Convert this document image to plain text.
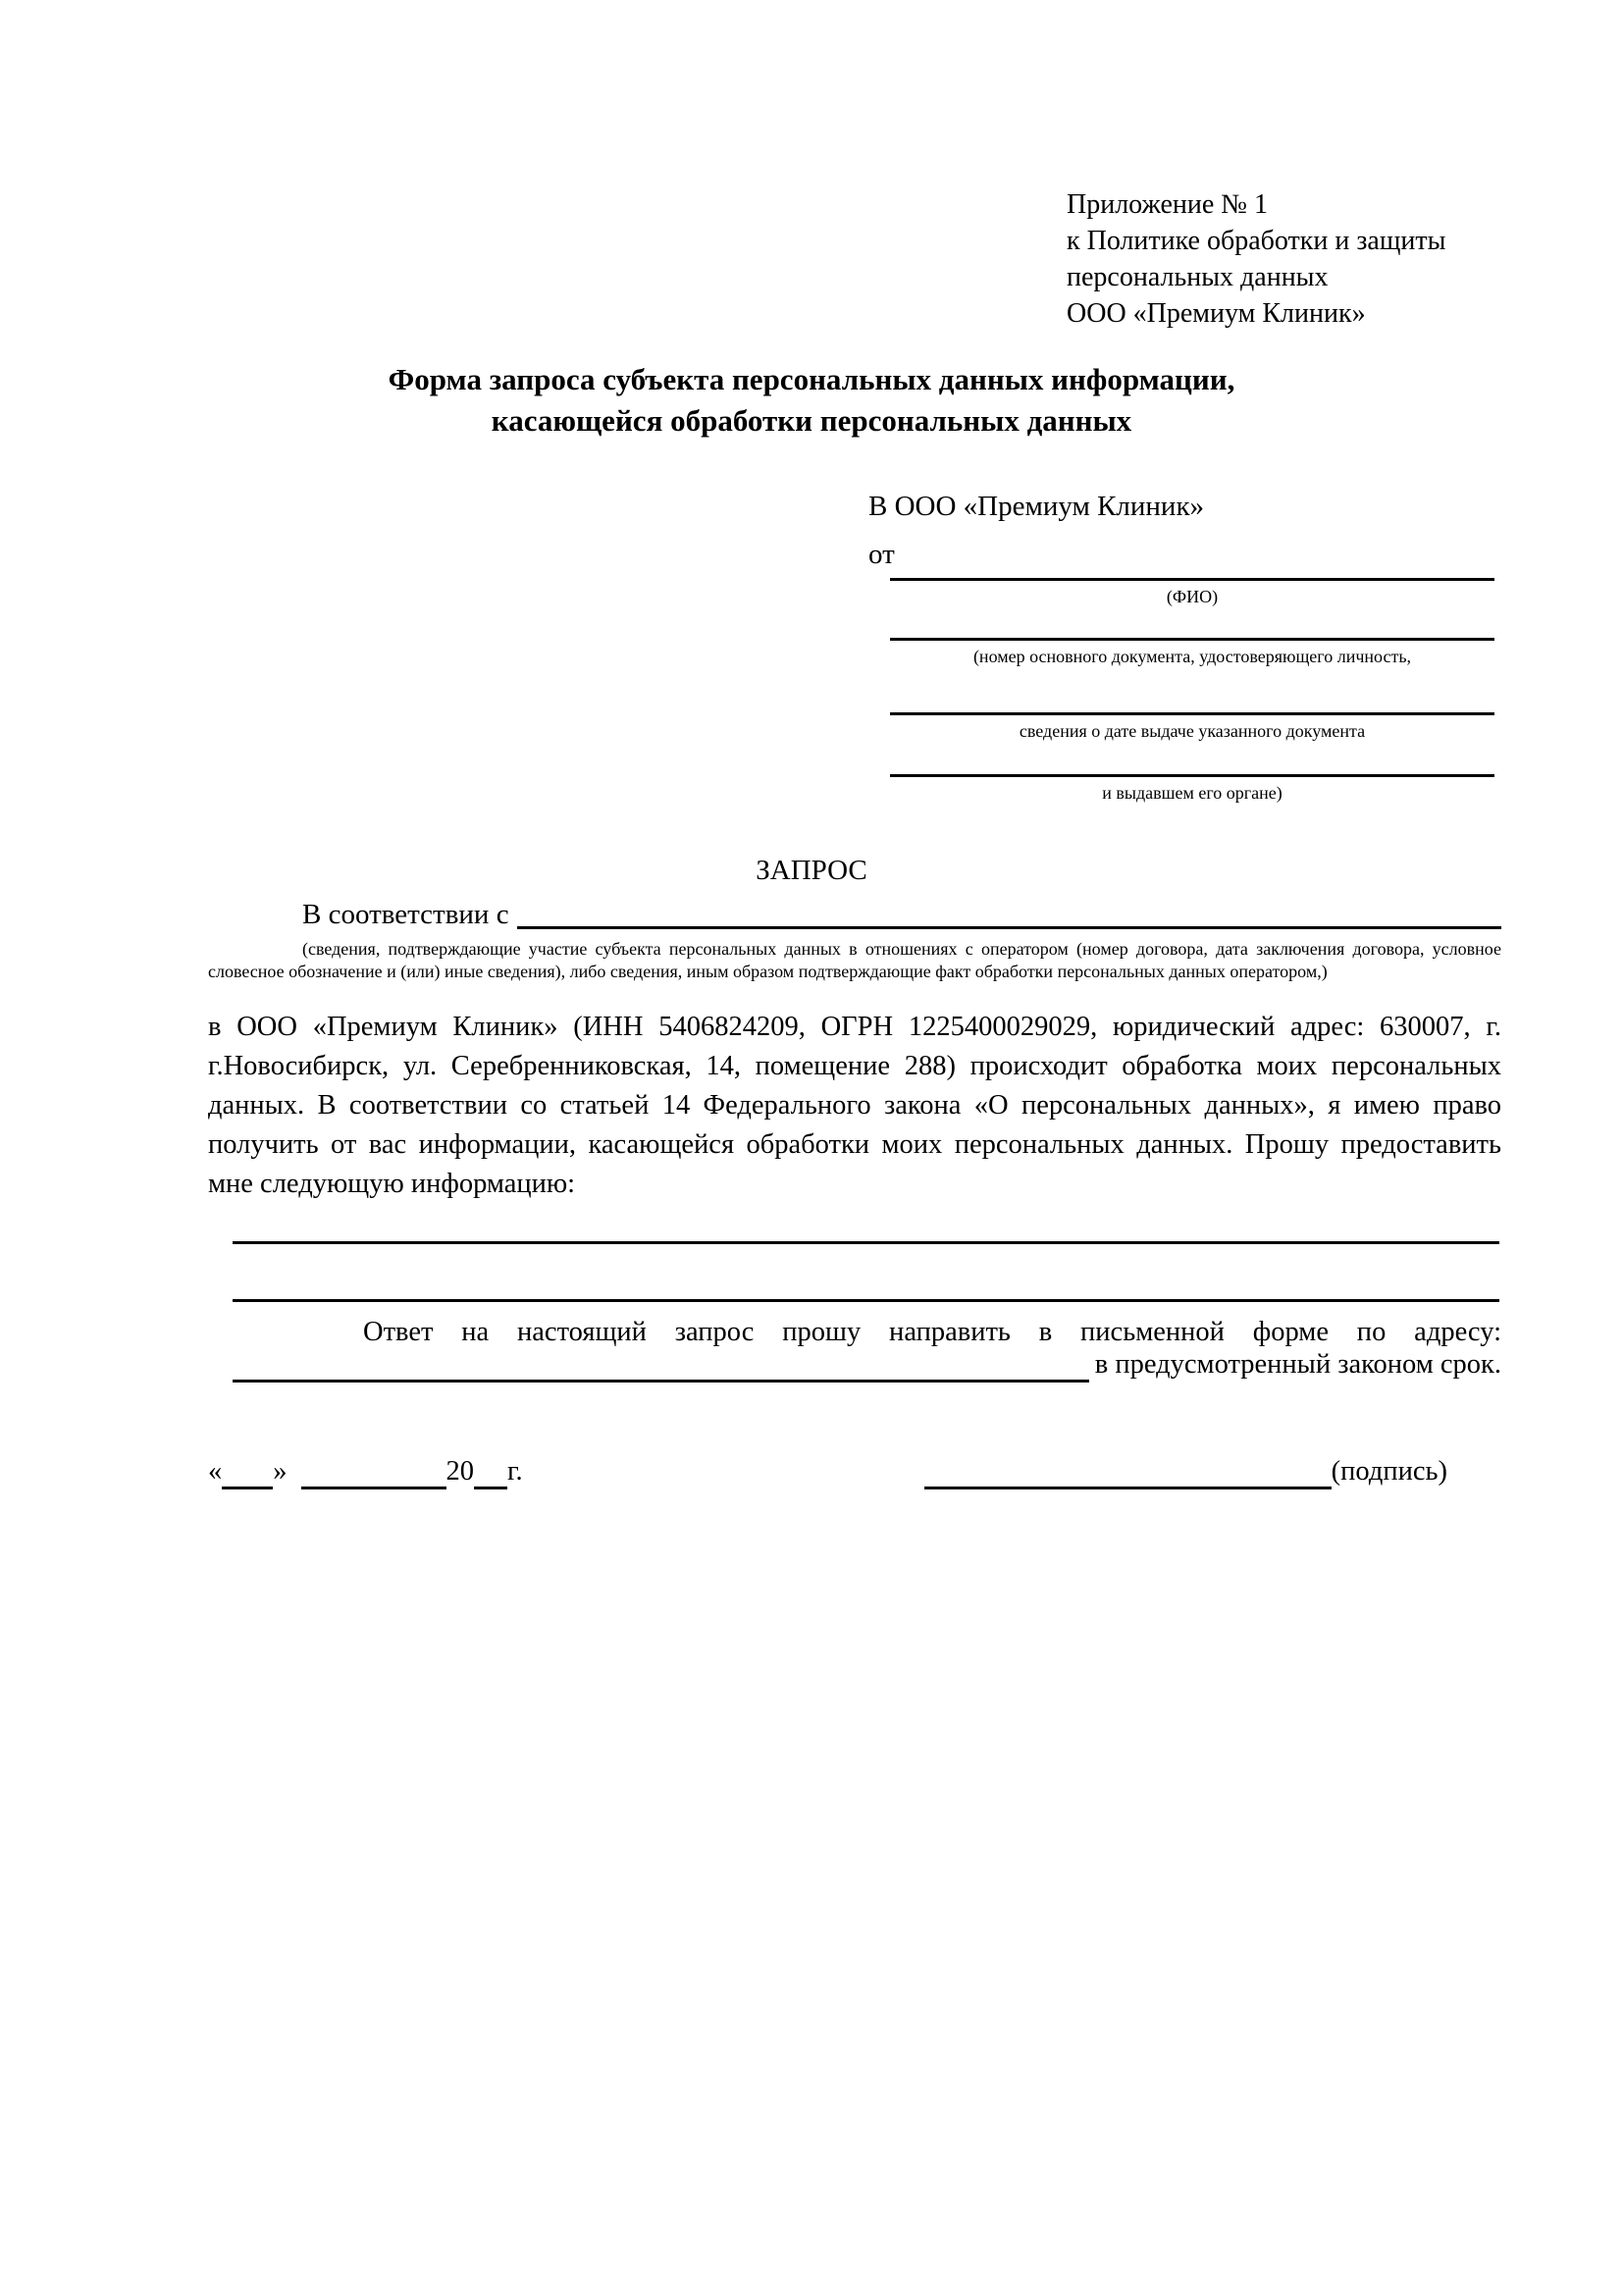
Приложение № 1
к Политике обработки и защиты
персональных данных
ООО «Премиум Клиник»
Форма запроса субъекта персональных данных информации,
касающейся обработки персональных данных
В ООО «Премиум Клиник»
от
(ФИО)
(номер основного документа, удостоверяющего личность,
сведения о дате выдаче указанного документа
и выдавшем его органе)
ЗАПРОС
В соответствии с
(сведения, подтверждающие участие субъекта персональных данных в отношениях с оператором (номер договора, дата заключения договора, условное словесное обозначение и (или) иные сведения), либо сведения, иным образом подтверждающие факт обработки персональных данных оператором,)
в ООО «Премиум Клиник» (ИНН 5406824209, ОГРН 1225400029029, юридический адрес: 630007, г. г.Новосибирск, ул. Серебренниковская, 14, помещение 288) происходит обработка моих персональных данных. В соответствии со статьей 14 Федерального закона «О персональных данных», я имею право получить от вас информации, касающейся обработки моих персональных данных. Прошу предоставить мне следующую информацию:
Ответ на настоящий запрос прошу направить в письменной форме по адресу:
в предусмотренный законом срок.
« »	20 г.	(подпись)
